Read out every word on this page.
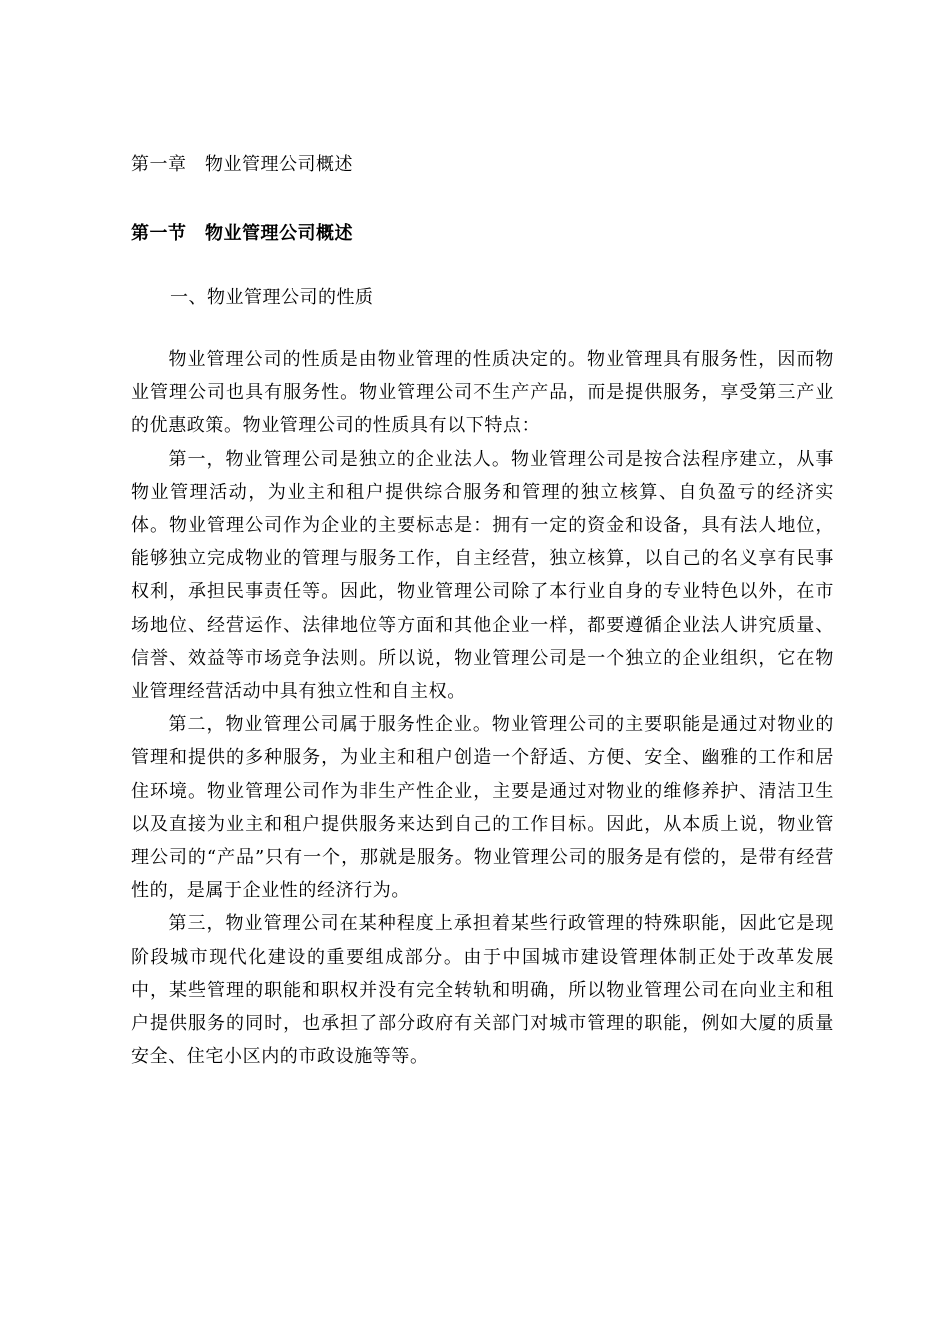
第一章　物业管理公司概述
第一节　物业管理公司概述
一、物业管理公司的性质

物业管理公司的性质是由物业管理的性质决定的。物业管理具有服务性，因而物业管理公司也具有服务性。物业管理公司不生产产品，而是提供服务，享受第三产业的优惠政策。物业管理公司的性质具有以下特点：

第一，物业管理公司是独立的企业法人。物业管理公司是按合法程序建立，从事物业管理活动，为业主和租户提供综合服务和管理的独立核算、自负盈亏的经济实体。物业管理公司作为企业的主要标志是：拥有一定的资金和设备，具有法人地位，能够独立完成物业的管理与服务工作，自主经营，独立核算，以自己的名义享有民事权利，承担民事责任等。因此，物业管理公司除了本行业自身的专业特色以外，在市场地位、经营运作、法律地位等方面和其他企业一样，都要遵循企业法人讲究质量、信誉、效益等市场竞争法则。所以说，物业管理公司是一个独立的企业组织，它在物业管理经营活动中具有独立性和自主权。

第二，物业管理公司属于服务性企业。物业管理公司的主要职能是通过对物业的管理和提供的多种服务，为业主和租户创造一个舒适、方便、安全、幽雅的工作和居住环境。物业管理公司作为非生产性企业，主要是通过对物业的维修养护、清洁卫生以及直接为业主和租户提供服务来达到自己的工作目标。因此，从本质上说，物业管理公司的“产品”只有一个，那就是服务。物业管理公司的服务是有偿的，是带有经营性的，是属于企业性的经济行为。

第三，物业管理公司在某种程度上承担着某些行政管理的特殊职能，因此它是现阶段城市现代化建设的重要组成部分。由于中国城市建设管理体制正处于改革发展中，某些管理的职能和职权并没有完全转轨和明确，所以物业管理公司在向业主和租户提供服务的同时，也承担了部分政府有关部门对城市管理的职能，例如大厦的质量安全、住宅小区内的市政设施等等。
